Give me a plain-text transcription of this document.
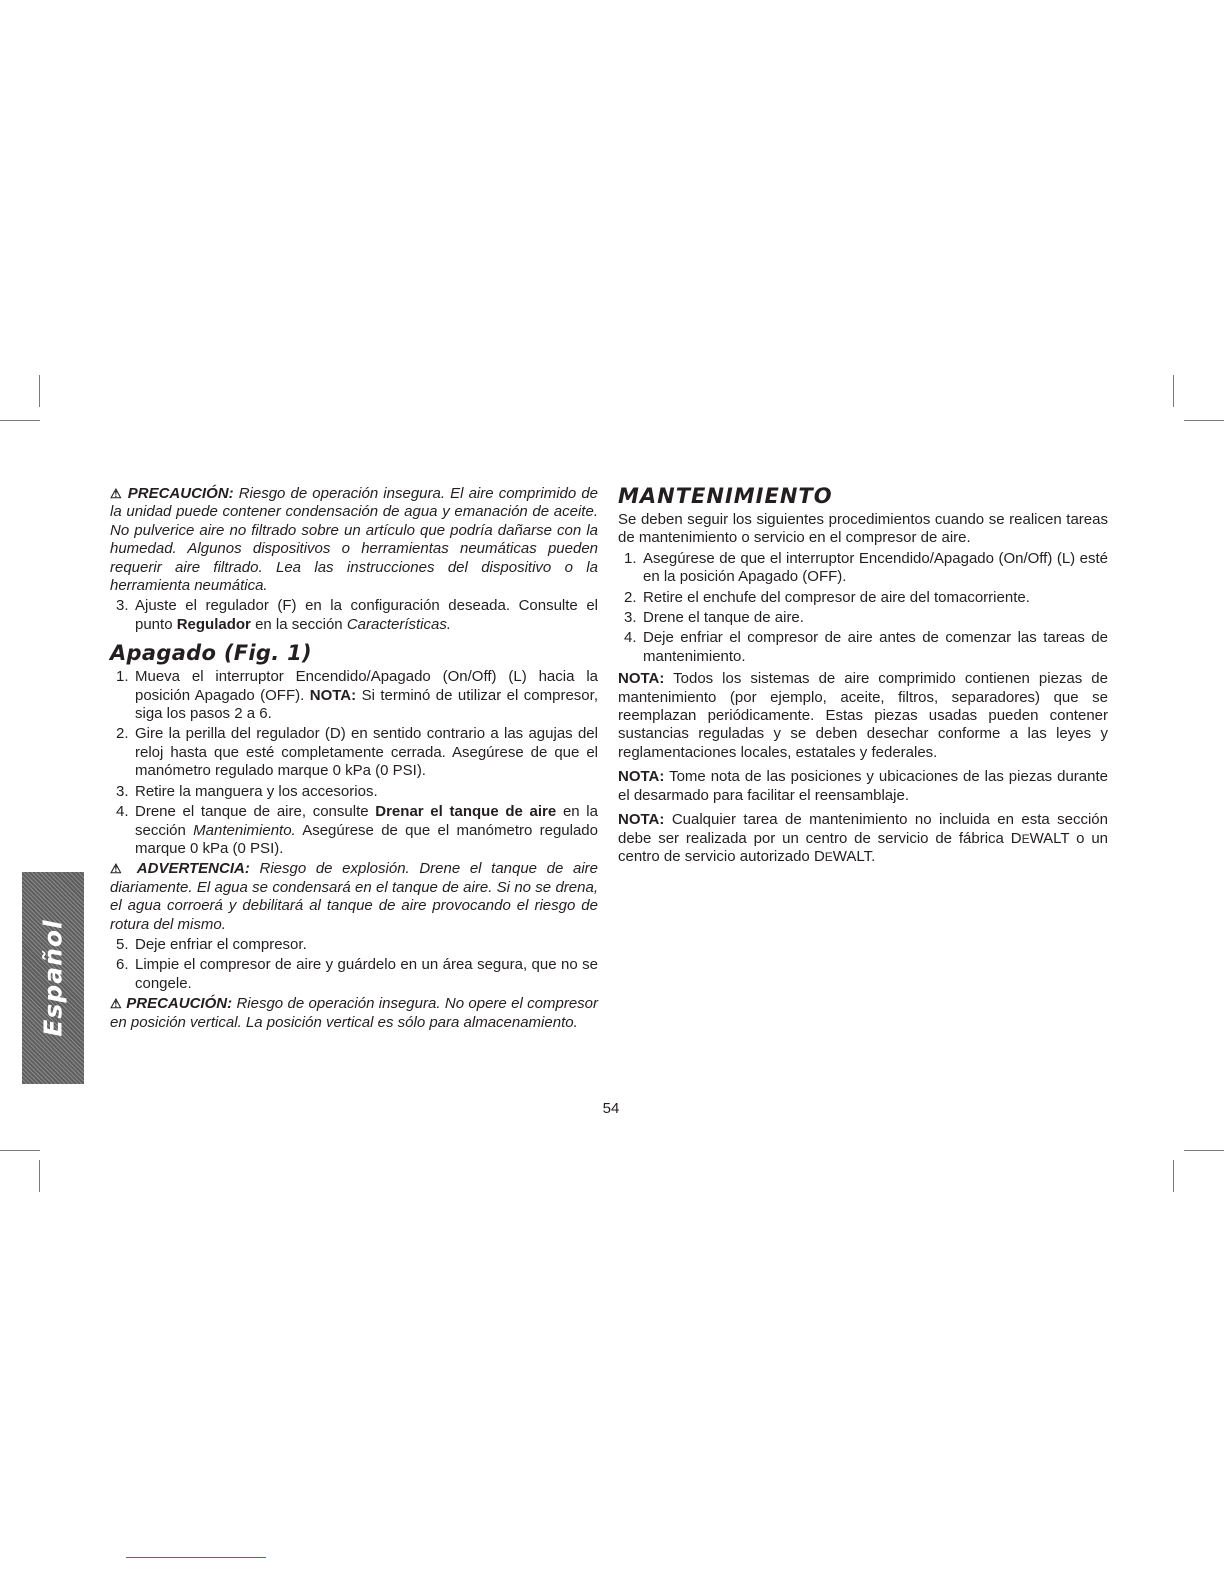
⚠ PRECAUCIÓN: Riesgo de operación insegura. El aire comprimido de la unidad puede contener condensación de agua y emanación de aceite. No pulverice aire no filtrado sobre un artículo que podría dañarse con la humedad. Algunos dispositivos o herramientas neumáticas pueden requerir aire filtrado. Lea las instrucciones del dispositivo o la herramienta neumática.

3. Ajuste el regulador (F) en la configuración deseada. Consulte el punto Regulador en la sección Características.
Apagado (Fig. 1)
1. Mueva el interruptor Encendido/Apagado (On/Off) (L) hacia la posición Apagado (OFF). NOTA: Si terminó de utilizar el compresor, siga los pasos 2 a 6.
2. Gire la perilla del regulador (D) en sentido contrario a las agujas del reloj hasta que esté completamente cerrada. Asegúrese de que el manómetro regulado marque 0 kPa (0 PSI).
3. Retire la manguera y los accesorios.
4. Drene el tanque de aire, consulte Drenar el tanque de aire en la sección Mantenimiento. Asegúrese de que el manómetro regulado marque 0 kPa (0 PSI).

⚠ ADVERTENCIA: Riesgo de explosión. Drene el tanque de aire diariamente. El agua se condensará en el tanque de aire. Si no se drena, el agua corroerá y debilitará al tanque de aire provocando el riesgo de rotura del mismo.

5. Deje enfriar el compresor.
6. Limpie el compresor de aire y guárdelo en un área segura, que no se congele.

⚠ PRECAUCIÓN: Riesgo de operación insegura. No opere el compresor en posición vertical. La posición vertical es sólo para almacenamiento.

MANTENIMIENTO

Se deben seguir los siguientes procedimientos cuando se realicen tareas de mantenimiento o servicio en el compresor de aire.

1. Asegúrese de que el interruptor Encendido/Apagado (On/Off) (L) esté en la posición Apagado (OFF).
2. Retire el enchufe del compresor de aire del tomacorriente.
3. Drene el tanque de aire.
4. Deje enfriar el compresor de aire antes de comenzar las tareas de mantenimiento.

NOTA: Todos los sistemas de aire comprimido contienen piezas de mantenimiento (por ejemplo, aceite, filtros, separadores) que se reemplazan periódicamente. Estas piezas usadas pueden contener sustancias reguladas y se deben desechar conforme a las leyes y reglamentaciones locales, estatales y federales.

NOTA: Tome nota de las posiciones y ubicaciones de las piezas durante el desarmado para facilitar el reensamblaje.

NOTA: Cualquier tarea de mantenimiento no incluida en esta sección debe ser realizada por un centro de servicio de fábrica DEWALT o un centro de servicio autorizado DEWALT.

Español
54
